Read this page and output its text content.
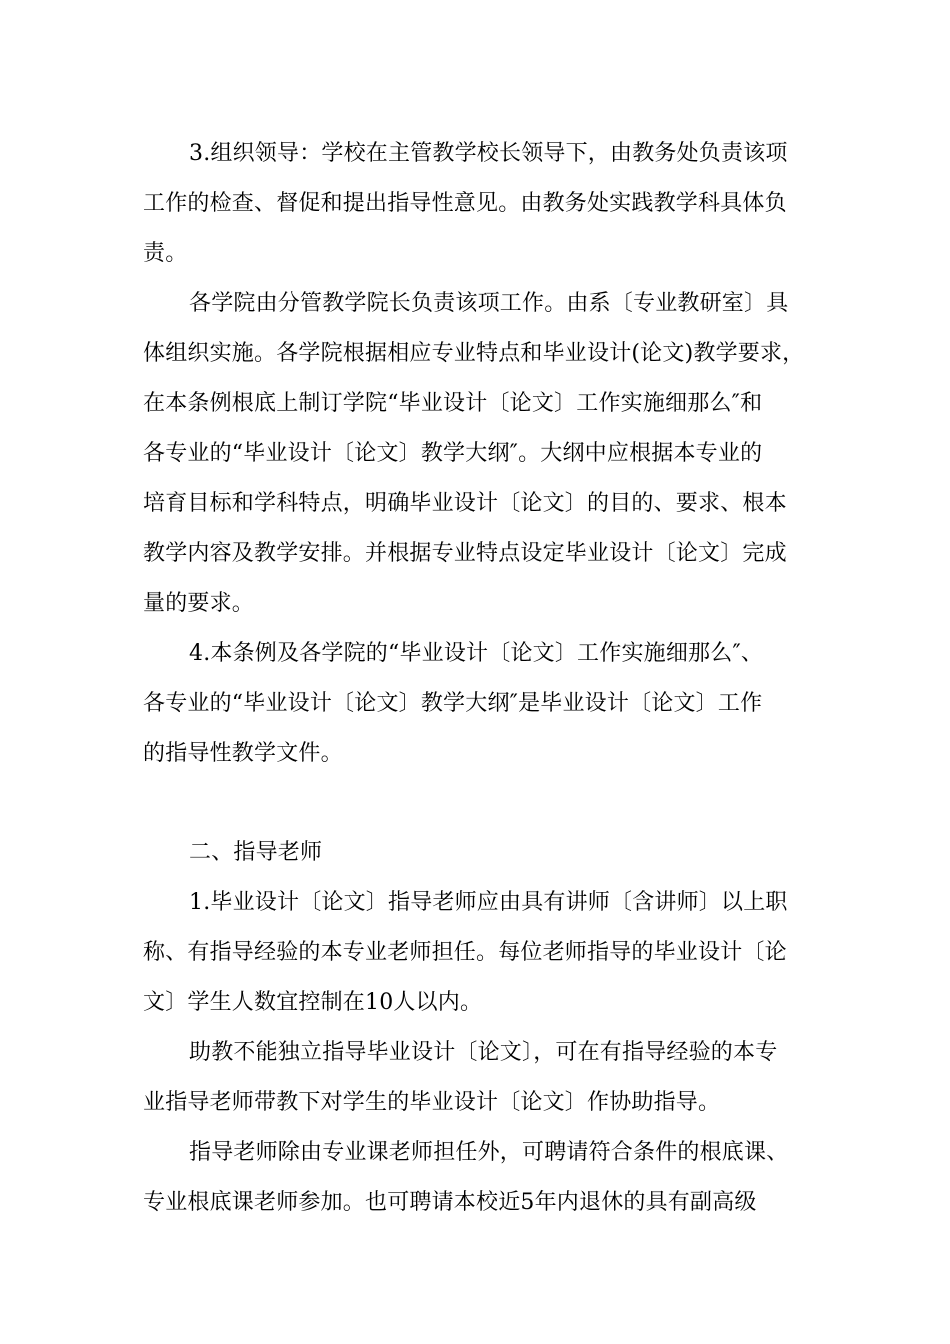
3.组织领导：学校在主管教学校长领导下，由教务处负责该项
工作的检查、督促和提出指导性意见。由教务处实践教学科具体负
责。
各学院由分管教学院长负责该项工作。由系〔专业教研室〕具
体组织实施。各学院根据相应专业特点和毕业设计(论文)教学要求，
在本条例根底上制订学院“毕业设计〔论文〕工作实施细那么″和
各专业的“毕业设计〔论文〕教学大纲″。大纲中应根据本专业的
培育目标和学科特点，明确毕业设计〔论文〕的目的、要求、根本
教学内容及教学安排。并根据专业特点设定毕业设计〔论文〕完成
量的要求。
4.本条例及各学院的“毕业设计〔论文〕工作实施细那么″、
各专业的“毕业设计〔论文〕教学大纲″是毕业设计〔论文〕工作
的指导性教学文件。
二、指导老师
1.毕业设计〔论文〕指导老师应由具有讲师〔含讲师〕以上职
称、有指导经验的本专业老师担任。每位老师指导的毕业设计〔论
文〕学生人数宜控制在10人以内。
助教不能独立指导毕业设计〔论文〕，可在有指导经验的本专
业指导老师带教下对学生的毕业设计〔论文〕作协助指导。
指导老师除由专业课老师担任外，可聘请符合条件的根底课、
专业根底课老师参加。也可聘请本校近5年内退休的具有副高级
